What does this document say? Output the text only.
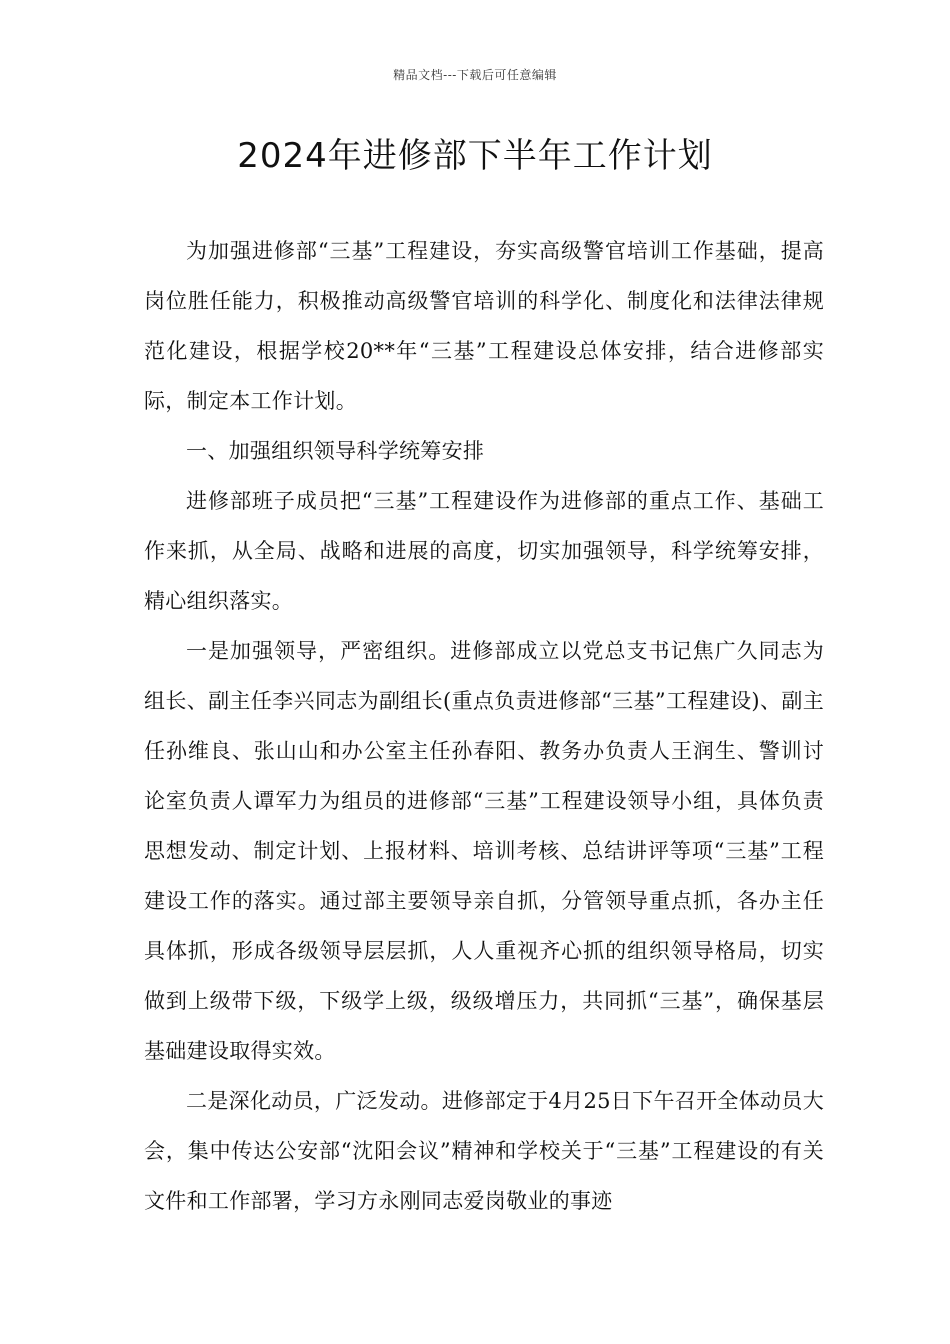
精品文档---下载后可任意编辑
2024年进修部下半年工作计划

为加强进修部“三基”工程建设，夯实高级警官培训工作基础，提高岗位胜任能力，积极推动高级警官培训的科学化、制度化和法律法律规范化建设，根据学校20**年“三基”工程建设总体安排，结合进修部实际，制定本工作计划。

一、加强组织领导科学统筹安排

进修部班子成员把“三基”工程建设作为进修部的重点工作、基础工作来抓，从全局、战略和进展的高度，切实加强领导，科学统筹安排，精心组织落实。

一是加强领导，严密组织。进修部成立以党总支书记焦广久同志为组长、副主任李兴同志为副组长(重点负责进修部“三基”工程建设)、副主任孙维良、张山山和办公室主任孙春阳、教务办负责人王润生、警训讨论室负责人谭军力为组员的进修部“三基”工程建设领导小组，具体负责思想发动、制定计划、上报材料、培训考核、总结讲评等项“三基”工程建设工作的落实。通过部主要领导亲自抓，分管领导重点抓，各办主任具体抓，形成各级领导层层抓，人人重视齐心抓的组织领导格局，切实做到上级带下级，下级学上级，级级增压力，共同抓“三基”，确保基层基础建设取得实效。

二是深化动员，广泛发动。进修部定于4月25日下午召开全体动员大会，集中传达公安部“沈阳会议”精神和学校关于“三基”工程建设的有关文件和工作部署，学习方永刚同志爱岗敬业的事迹
